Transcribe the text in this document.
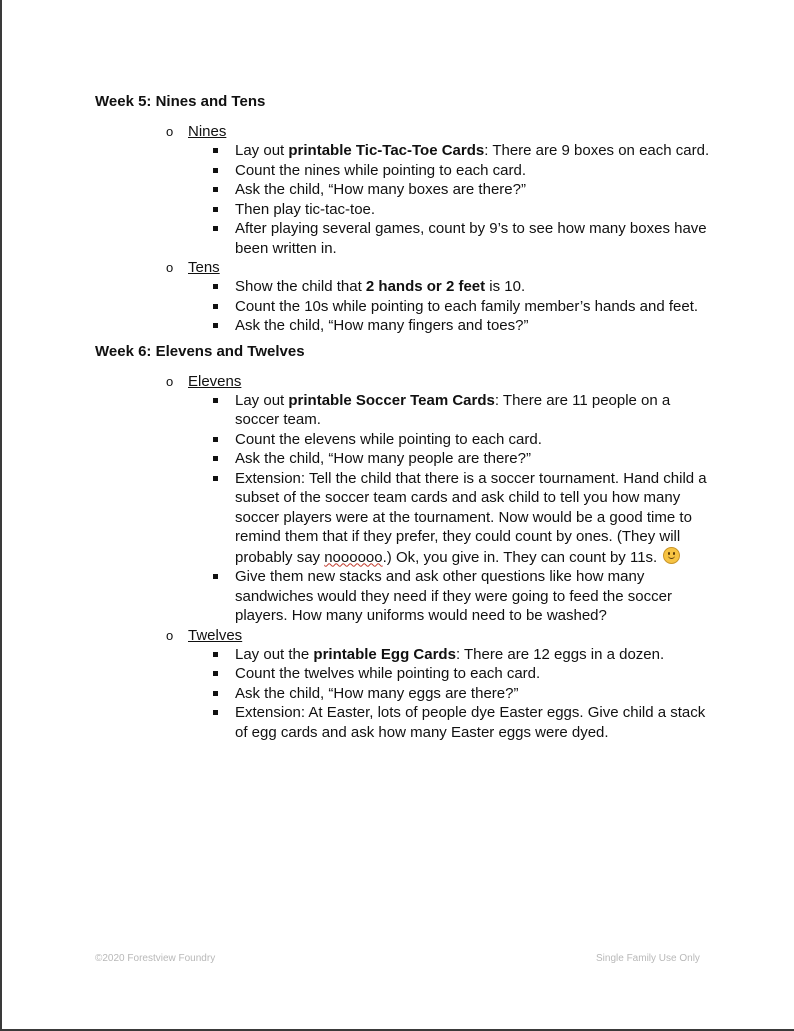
Week 5: Nines and Tens
o Nines
Lay out printable Tic-Tac-Toe Cards: There are 9 boxes on each card.
Count the nines while pointing to each card.
Ask the child, “How many boxes are there?”
Then play tic-tac-toe.
After playing several games, count by 9’s to see how many boxes have been written in.
o Tens
Show the child that 2 hands or 2 feet is 10.
Count the 10s while pointing to each family member’s hands and feet.
Ask the child, “How many fingers and toes?”
Week 6: Elevens and Twelves
o Elevens
Lay out printable Soccer Team Cards: There are 11 people on a soccer team.
Count the elevens while pointing to each card.
Ask the child, “How many people are there?”
Extension: Tell the child that there is a soccer tournament. Hand child a subset of the soccer team cards and ask child to tell you how many soccer players were at the tournament. Now would be a good time to remind them that if they prefer, they could count by ones. (They will probably say noooooo.) Ok, you give in. They can count by 11s.
Give them new stacks and ask other questions like how many sandwiches would they need if they were going to feed the soccer players. How many uniforms would need to be washed?
o Twelves
Lay out the printable Egg Cards: There are 12 eggs in a dozen.
Count the twelves while pointing to each card.
Ask the child, “How many eggs are there?”
Extension: At Easter, lots of people dye Easter eggs. Give child a stack of egg cards and ask how many Easter eggs were dyed.
©2020 Forestview Foundry	Single Family Use Only
